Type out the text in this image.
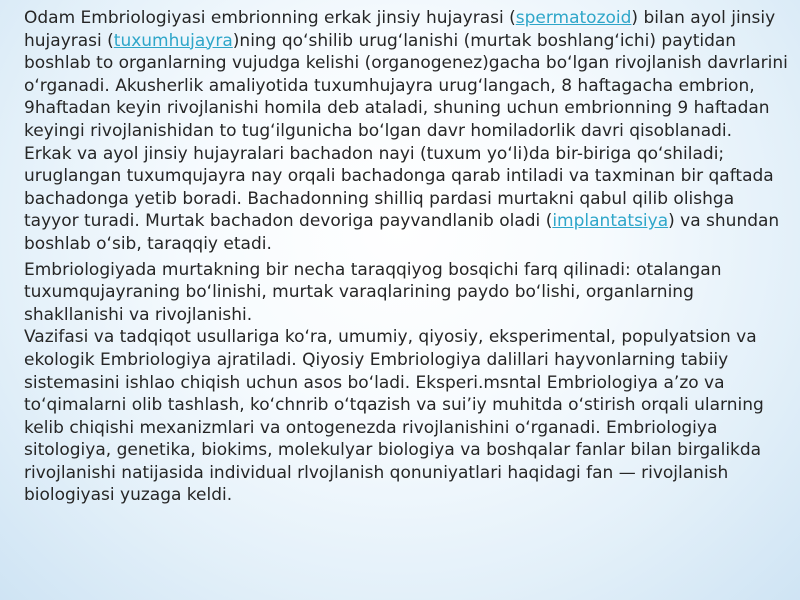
Odam Embriologiyasi embrionning erkak jinsiy hujayrasi (spermatozoid) bilan ayol jinsiy hujayrasi (tuxumhujayra)ning qo‘shilib urug‘lanishi (murtak boshlang‘ichi) paytidan boshlab to organlarning vujudga kelishi (organogenez)gacha bo‘lgan rivojlanish davrlarini o‘rganadi. Akusherlik amaliyotida tuxumhujayra urug‘langach, 8 haftagacha embrion, 9haftadan keyin rivojlanishi homila deb ataladi, shuning uchun embrionning 9 haftadan keyingi rivojlanishidan to tug‘ilgunicha bo‘lgan davr homiladorlik davri qisoblanadi.

Erkak va ayol jinsiy hujayralari bachadon nayi (tuxum yo‘li)da bir-biriga qo‘shiladi; uruglangan tuxumqujayra nay orqali bachadonga qarab intiladi va taxminan bir qaftada bachadonga yetib boradi. Bachadonning shilliq pardasi murtakni qabul qilib olishga tayyor turadi. Murtak bachadon devoriga payvandlanib oladi (implantatsiya) va shundan boshlab o‘sib, taraqqiy etadi.

Embriologiyada murtakning bir necha taraqqiyog bosqichi farq qilinadi: otalangan tuxumqujayraning bo‘linishi, murtak varaqlarining paydo bo‘lishi, organlarning shakllanishi va rivojlanishi.

Vazifasi va tadqiqot usullariga ko‘ra, umumiy, qiyosiy, eksperimental, populyatsion va ekologik Embriologiya ajratiladi. Qiyosiy Embriologiya dalillari hayvonlarning tabiiy sistemasini ishlao chiqish uchun asos bo‘ladi. Eksperi.msntal Embriologiya a’zo va to‘qimalarni olib tashlash, ko‘chnrib o‘tqazish va sui’iy muhitda o‘stirish orqali ularning kelib chiqishi mexanizmlari va ontogenezda rivojlanishini o‘rganadi. Embriologiya sitologiya, genetika, biokims, molekulyar biologiya va boshqalar fanlar bilan birgalikda rivojlanishi natijasida individual rlvojlanish qonuniyatlari haqidagi fan — rivojlanish biologiyasi yuzaga keldi.
